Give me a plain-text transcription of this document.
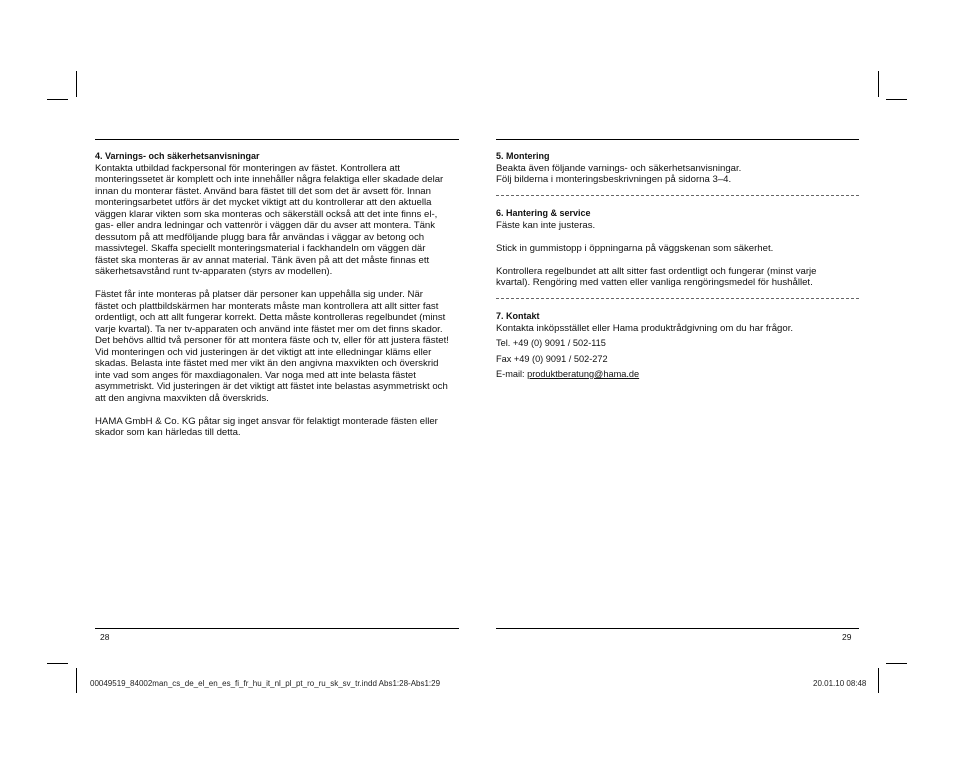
4. Varnings- och säkerhetsanvisningar

Kontakta utbildad fackpersonal för monteringen av fästet. Kontrollera att
monteringssetet är komplett och inte innehåller några felaktiga eller skadade delar
innan du monterar fästet. Använd bara fästet till det som det är avsett för. Innan
monteringsarbetet utförs är det mycket viktigt att du kontrollerar att den aktuella
väggen klarar vikten som ska monteras och säkerställ också att det inte finns el-,
gas- eller andra ledningar och vattenrör i väggen där du avser att montera. Tänk
dessutom på att medföljande plugg bara får användas i väggar av betong och
massivtegel. Skaffa speciellt monteringsmaterial i fackhandeln om väggen där
fästet ska monteras är av annat material. Tänk även på att det måste finnas ett
säkerhetsavstånd runt tv-apparaten (styrs av modellen).

Fästet får inte monteras på platser där personer kan uppehålla sig under. När
fästet och plattbildskärmen har monterats måste man kontrollera att allt sitter fast
ordentligt, och att allt fungerar korrekt. Detta måste kontrolleras regelbundet (minst
varje kvartal). Ta ner tv-apparaten och använd inte fästet mer om det finns skador.
Det behövs alltid två personer för att montera fäste och tv, eller för att justera fästet!
Vid monteringen och vid justeringen är det viktigt att inte elledningar kläms eller
skadas. Belasta inte fästet med mer vikt än den angivna maxvikten och överskrid
inte vad som anges för maxdiagonalen. Var noga med att inte belasta fästet
asymmetriskt. Vid justeringen är det viktigt att fästet inte belastas asymmetriskt och
att den angivna maxvikten då överskrids.

HAMA GmbH & Co. KG påtar sig inget ansvar för felaktigt monterade fästen eller
skador som kan härledas till detta.

5. Montering

Beakta även följande varnings- och säkerhetsanvisningar.

Följ bilderna i monteringsbeskrivningen på sidorna 3–4.

6. Hantering & service

Fäste kan inte justeras.

Stick in gummistopp i öppningarna på väggskenan som säkerhet.

Kontrollera regelbundet att allt sitter fast ordentligt och fungerar (minst varje
kvartal). Rengöring med vatten eller vanliga rengöringsmedel för hushållet.

7. Kontakt

Kontakta inköpsstället eller Hama produktrådgivning om du har frågor.

Tel. +49 (0) 9091 / 502-115

Fax +49 (0) 9091 / 502-272

E-mail: produktberatung@hama.de

28	29
00049519_84002man_cs_de_el_en_es_fi_fr_hu_it_nl_pl_pt_ro_ru_sk_sv_tr.indd Abs1:28-Abs1:29	20.01.10 08:48
